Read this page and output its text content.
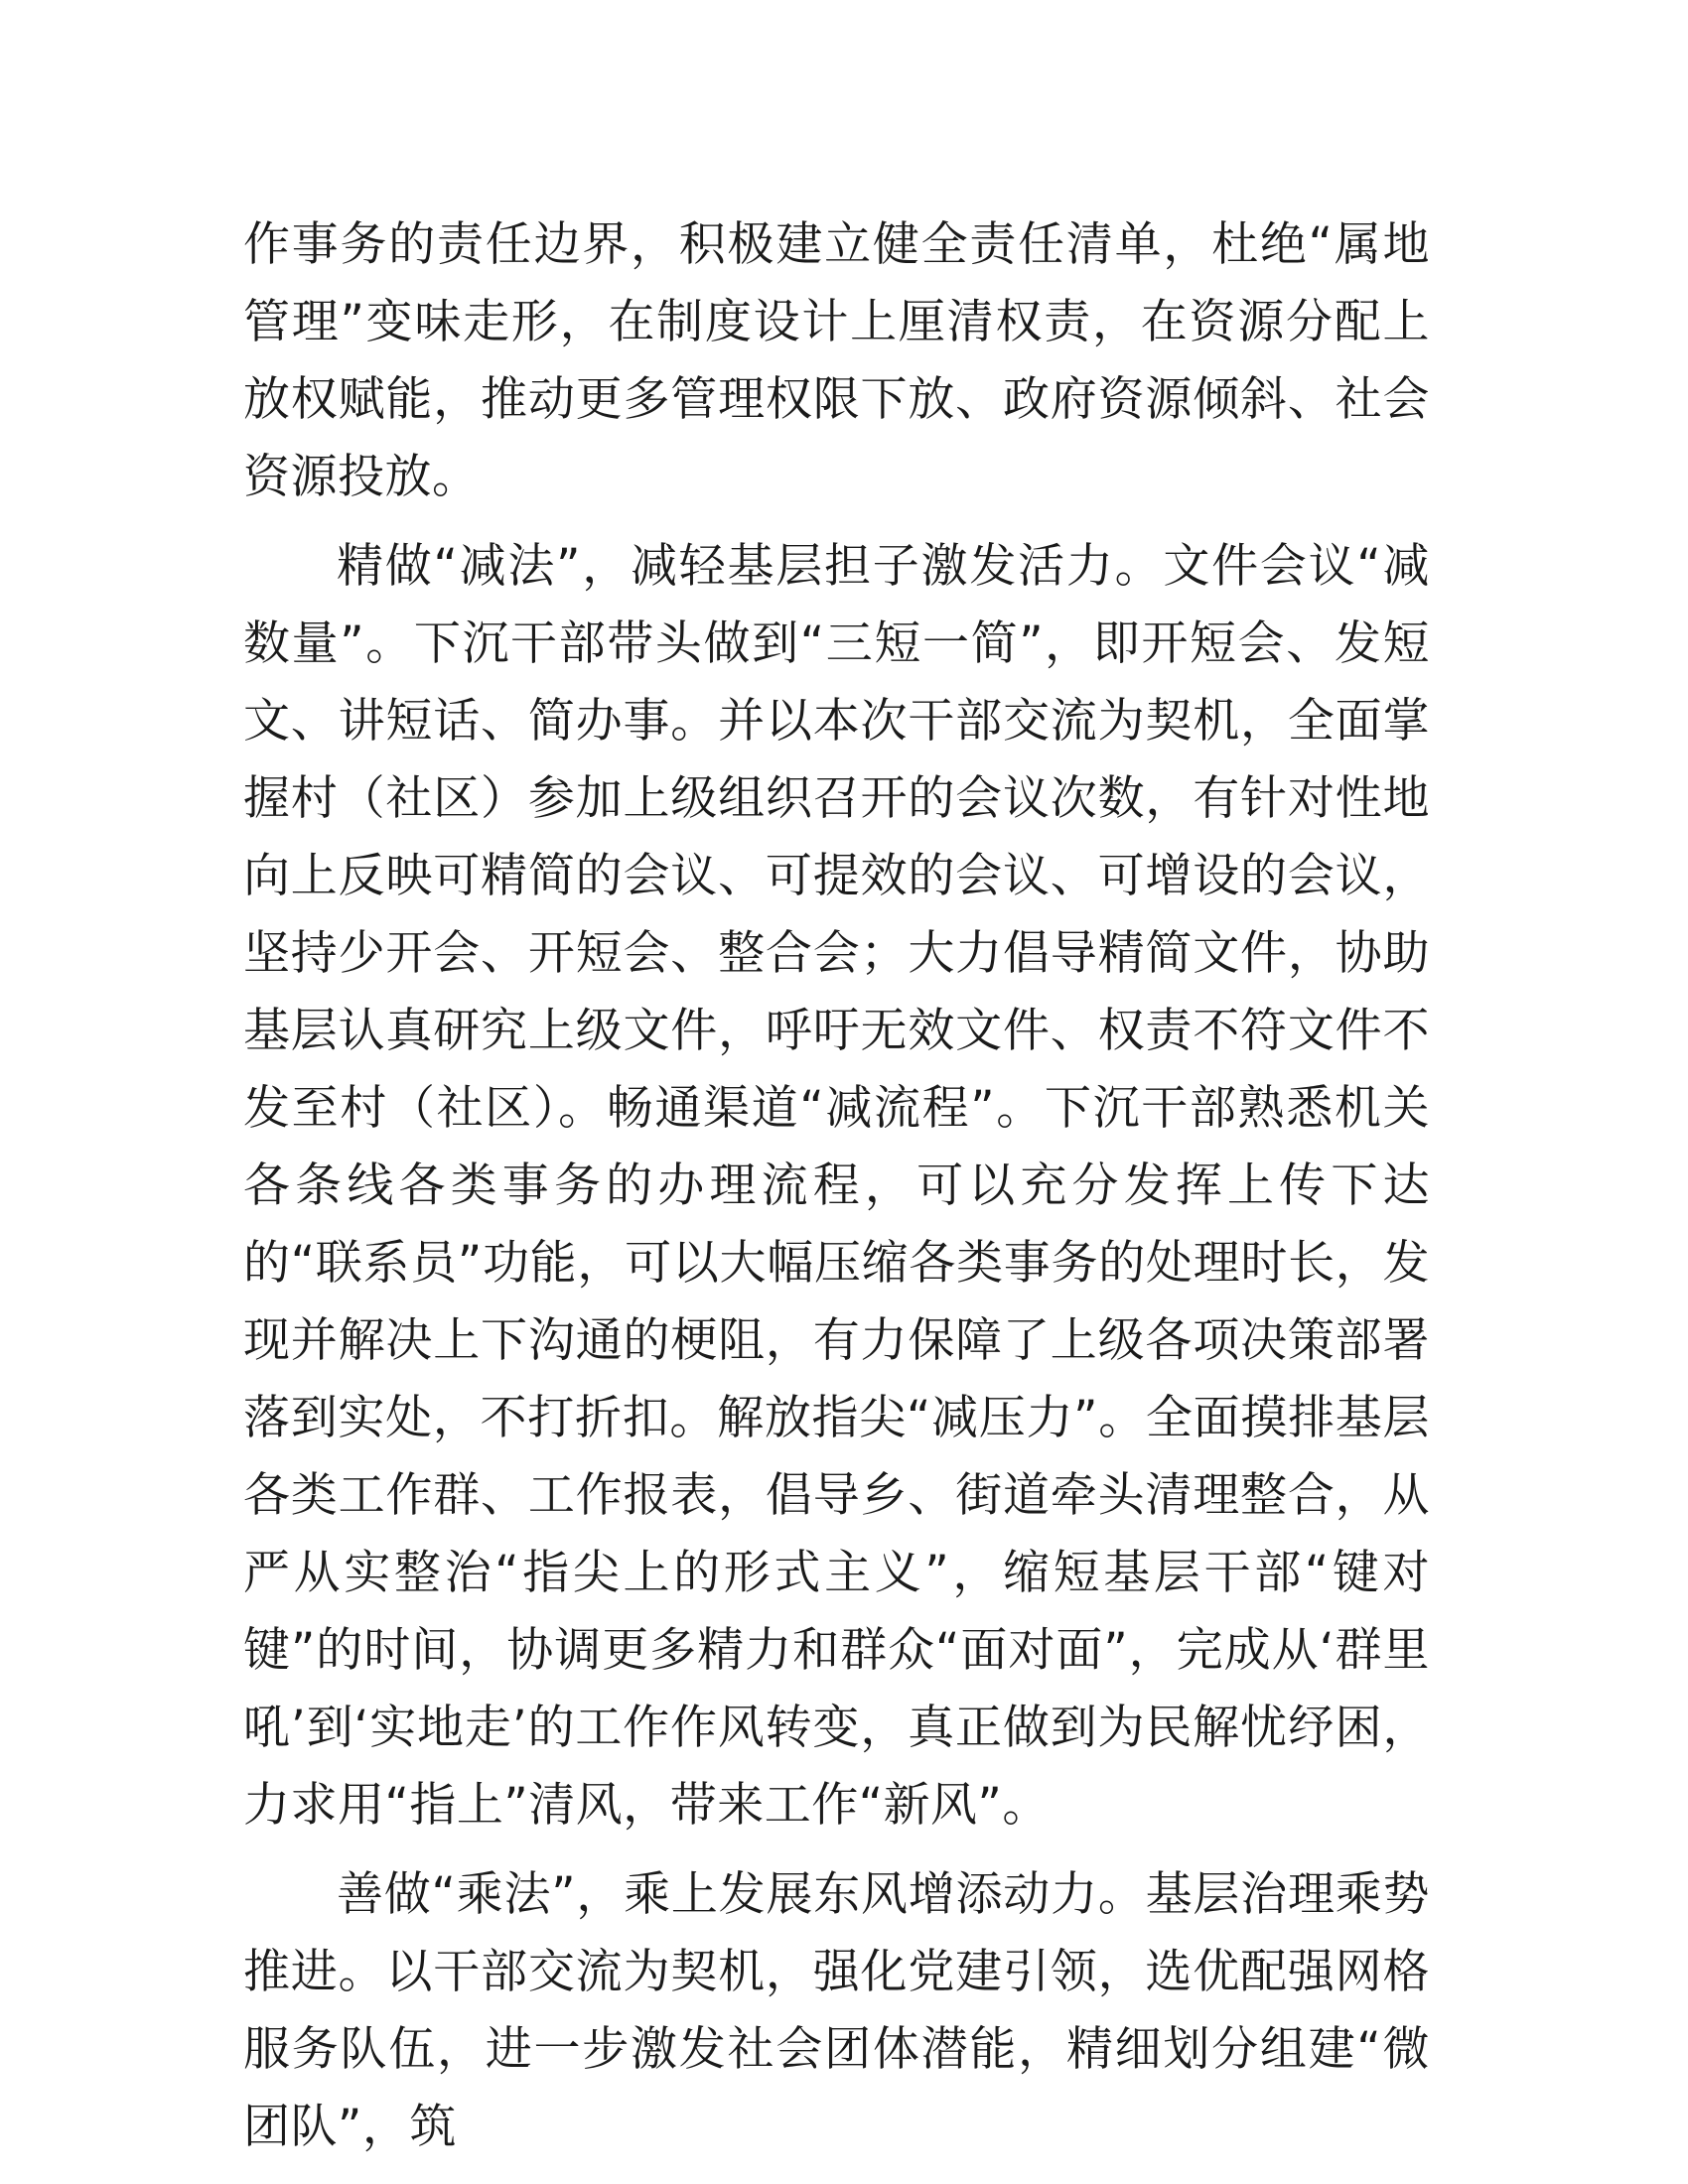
作事务的责任边界，积极建立健全责任清单，杜绝“属地管理”变味走形，在制度设计上厘清权责，在资源分配上放权赋能，推动更多管理权限下放、政府资源倾斜、社会资源投放。

精做“减法”，减轻基层担子激发活力。文件会议“减数量”。下沉干部带头做到“三短一简”，即开短会、发短文、讲短话、简办事。并以本次干部交流为契机，全面掌握村（社区）参加上级组织召开的会议次数，有针对性地向上反映可精简的会议、可提效的会议、可增设的会议，坚持少开会、开短会、整合会；大力倡导精简文件，协助基层认真研究上级文件，呼吁无效文件、权责不符文件不发至村（社区）。畅通渠道“减流程”。下沉干部熟悉机关各条线各类事务的办理流程，可以充分发挥上传下达的“联系员”功能，可以大幅压缩各类事务的处理时长，发现并解决上下沟通的梗阻，有力保障了上级各项决策部署落到实处，不打折扣。解放指尖“减压力”。全面摸排基层各类工作群、工作报表，倡导乡、街道牵头清理整合，从严从实整治“指尖上的形式主义”，缩短基层干部“键对键”的时间，协调更多精力和群众“面对面”，完成从‘群里吼’到‘实地走’的工作作风转变，真正做到为民解忧纾困，力求用“指上”清风，带来工作“新风”。

善做“乘法”，乘上发展东风增添动力。基层治理乘势推进。以干部交流为契机，强化党建引领，选优配强网格服务队伍，进一步激发社会团体潜能，精细划分组建“微团队”，筑
